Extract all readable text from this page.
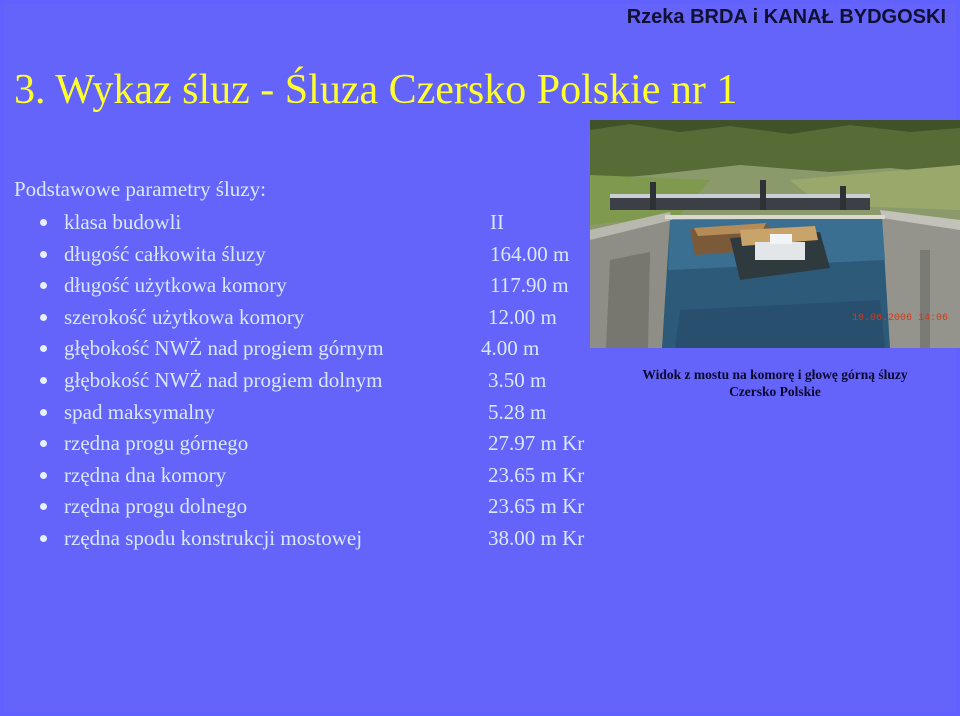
Rzeka BRDA i KANAŁ BYDGOSKI
3. Wykaz śluz - Śluza Czersko Polskie nr 1
Podstawowe parametry śluzy:
klasa budowli	II
długość całkowita śluzy	164.00 m
długość użytkowa komory	117.90 m
szerokość użytkowa komory	12.00 m
głębokość NWŻ nad progiem górnym	4.00 m
głębokość NWŻ nad progiem dolnym	3.50 m
spad maksymalny	5.28 m
rzędna progu górnego	27.97 m Kr
rzędna dna komory	23.65 m Kr
rzędna progu dolnego	23.65 m Kr
rzędna spodu konstrukcji mostowej	38.00 m Kr
10.06.2006 14:06
Widok z mostu na komorę i głowę górną śluzy
Czersko Polskie
